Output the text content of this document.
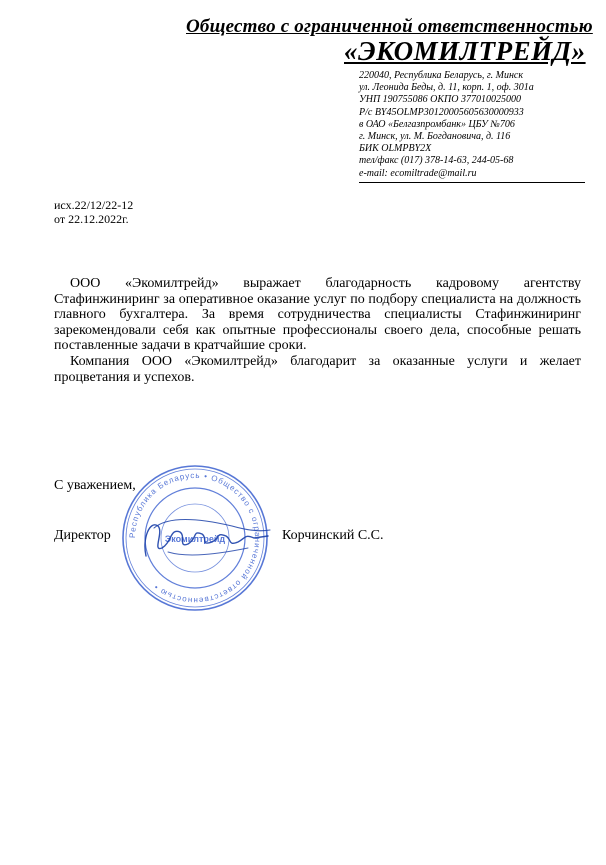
Общество с ограниченной ответственностью
«ЭКОМИЛТРЕЙД»
220040, Республика Беларусь, г. Минск
ул. Леонида Беды, д. 11, корп. 1, оф. 301а
УНП 190755086 ОКПО 377010025000
Р/с BY45OLMP30120005605630000933
в ОАО «Белгазпромбанк» ЦБУ №706
г. Минск, ул. М. Богдановича, д. 116
БИК OLMPBY2X
тел/факс (017) 378-14-63, 244-05-68
e-mail: ecomiltrade@mail.ru
исх.22/12/22-12
от 22.12.2022г.

ООО «Экомилтрейд» выражает благодарность кадровому агентству Стафинжиниринг за оперативное оказание услуг по подбору специалиста на должность главного бухгалтера. За время сотрудничества специалисты Стафинжиниринг зарекомендовали себя как опытные профессионалы своего дела, способные решать поставленные задачи в кратчайшие сроки.

Компания ООО «Экомилтрейд» благодарит за оказанные услуги и желает процветания и успехов.

С уважением,
Директор	Корчинский С.С.
Республика Беларусь • Общество с ограниченной ответственностью •
Экомилтрейд
